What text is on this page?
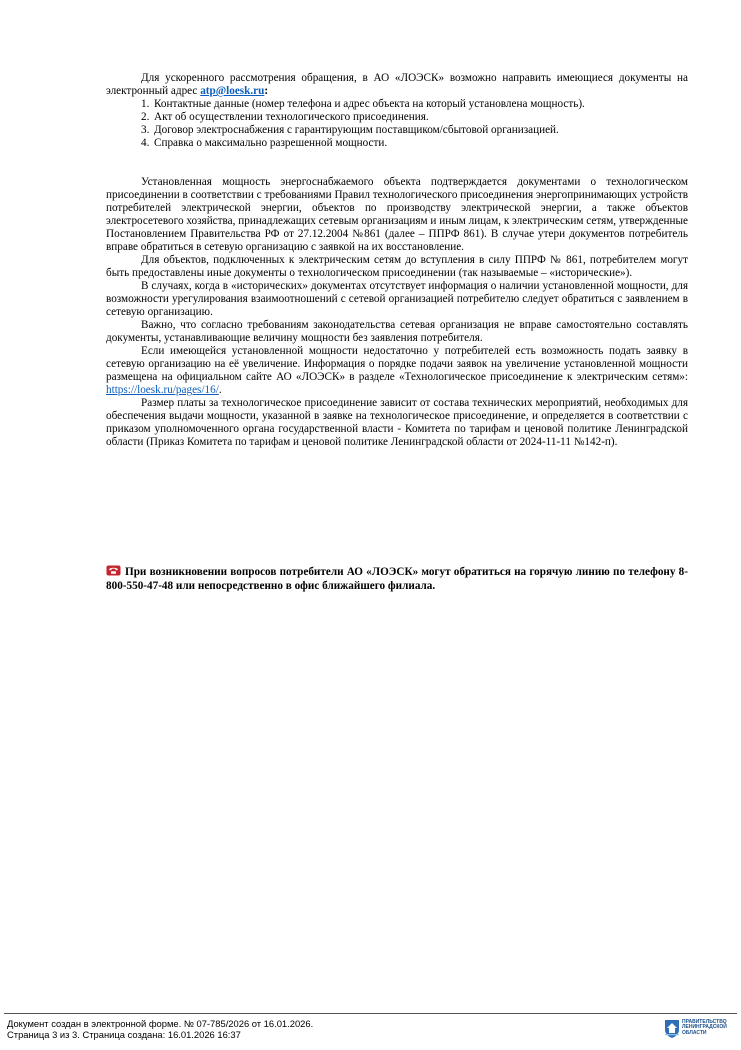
Для ускоренного рассмотрения обращения, в АО «ЛОЭСК» возможно направить имеющиеся документы на электронный адрес atp@loesk.ru:

1. Контактные данные (номер телефона и адрес объекта на который установлена мощность).
2. Акт об осуществлении технологического присоединения.
3. Договор электроснабжения с гарантирующим поставщиком/сбытовой организацией.
4. Справка о максимально разрешенной мощности.

Установленная мощность энергоснабжаемого объекта подтверждается документами о технологическом присоединении в соответствии с требованиями Правил технологического присоединения энергопринимающих устройств потребителей электрической энергии, объектов по производству электрической энергии, а также объектов электросетевого хозяйства, принадлежащих сетевым организациям и иным лицам, к электрическим сетям, утвержденные Постановлением Правительства РФ от 27.12.2004 №861 (далее – ППРФ 861). В случае утери документов потребитель вправе обратиться в сетевую организацию с заявкой на их восстановление.

Для объектов, подключенных к электрическим сетям до вступления в силу ППРФ № 861, потребителем могут быть предоставлены иные документы о технологическом присоединении (так называемые – «исторические»).

В случаях, когда в «исторических» документах отсутствует информация о наличии установленной мощности, для возможности урегулирования взаимоотношений с сетевой организацией потребителю следует обратиться с заявлением в сетевую организацию.

Важно, что согласно требованиям законодательства сетевая организация не вправе самостоятельно составлять документы, устанавливающие величину мощности без заявления потребителя.

Если имеющейся установленной мощности недостаточно у потребителей есть возможность подать заявку в сетевую организацию на её увеличение. Информация о порядке подачи заявок на увеличение установленной мощности размещена на официальном сайте АО «ЛОЭСК» в разделе «Технологическое присоединение к электрическим сетям»: https://loesk.ru/pages/16/.

Размер платы за технологическое присоединение зависит от состава технических мероприятий, необходимых для обеспечения выдачи мощности, указанной в заявке на технологическое присоединение, и определяется в соответствии с приказом уполномоченного органа государственной власти - Комитета по тарифам и ценовой политике Ленинградской области (Приказ Комитета по тарифам и ценовой политике Ленинградской области от 2024-11-11 №142-п).

При возникновении вопросов потребители АО «ЛОЭСК» могут обратиться на горячую линию по телефону 8-800-550-47-48 или непосредственно в офис ближайшего филиала.
Документ создан в электронной форме. № 07-785/2026 от 16.01.2026.
Страница 3 из 3. Страница создана: 16.01.2026 16:37
ПРАВИТЕЛЬСТВО ЛЕНИНГРАДСКОЙ ОБЛАСТИ
